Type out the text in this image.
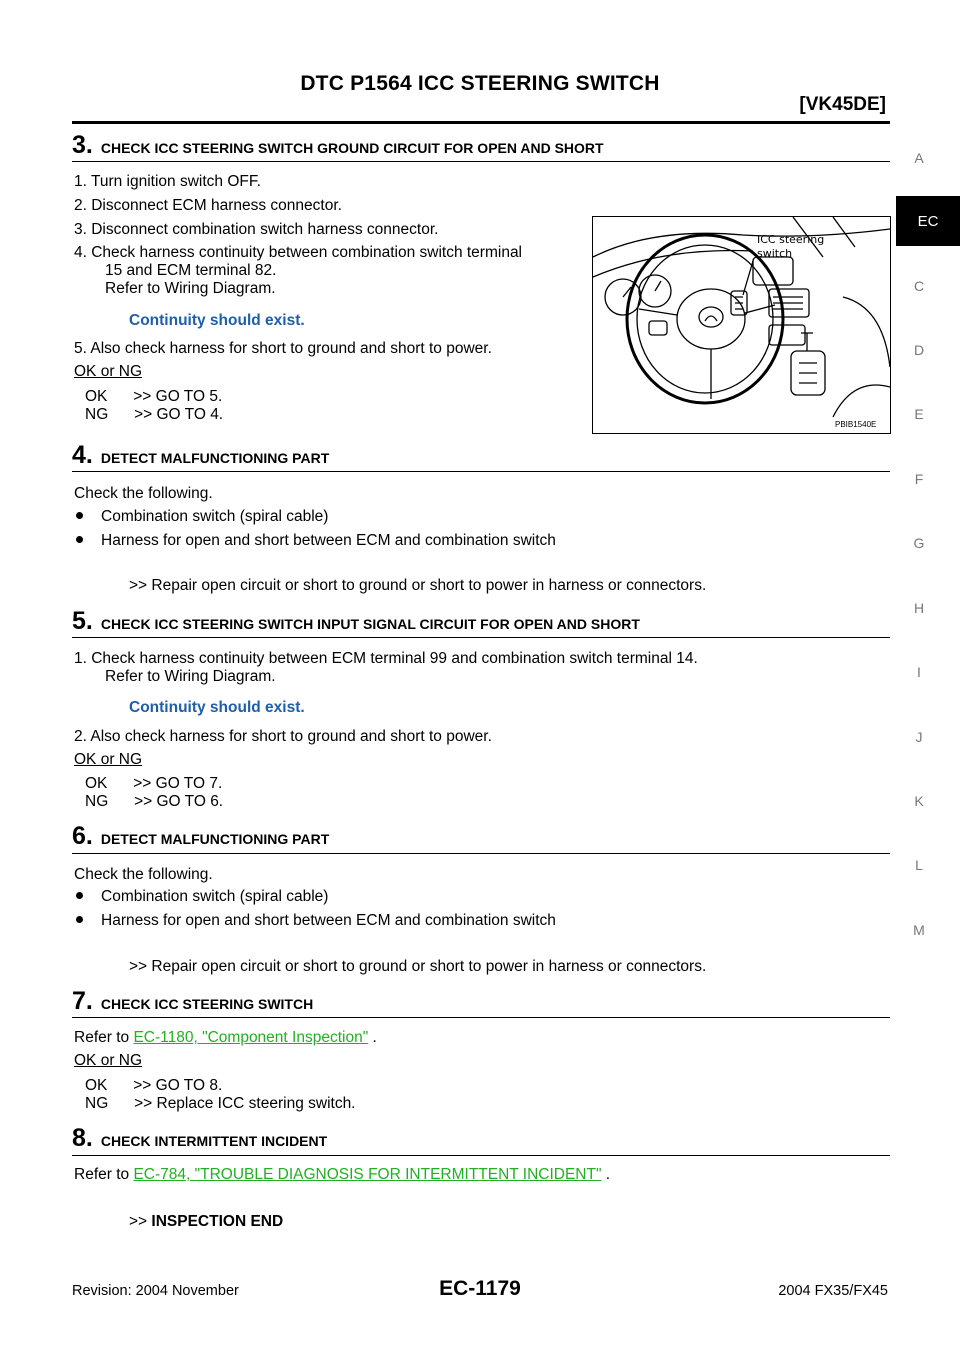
DTC P1564 ICC STEERING SWITCH
[VK45DE]
A
EC
C
D
E
F
G
H
I
J
K
L
M
3. CHECK ICC STEERING SWITCH GROUND CIRCUIT FOR OPEN AND SHORT
1. Turn ignition switch OFF.
2. Disconnect ECM harness connector.
3. Disconnect combination switch harness connector.
4. Check harness continuity between combination switch terminal
15 and ECM terminal 82.
Refer to Wiring Diagram.
Continuity should exist.
5. Also check harness for short to ground and short to power.
OK or NG
OK      >> GO TO 5.
NG      >> GO TO 4.
ICC steering
switch
PBIB1540E
4. DETECT MALFUNCTIONING PART
Check the following.
Combination switch (spiral cable)
Harness for open and short between ECM and combination switch
>> Repair open circuit or short to ground or short to power in harness or connectors.
5. CHECK ICC STEERING SWITCH INPUT SIGNAL CIRCUIT FOR OPEN AND SHORT
1. Check harness continuity between ECM terminal 99 and combination switch terminal 14.
Refer to Wiring Diagram.
Continuity should exist.
2. Also check harness for short to ground and short to power.
OK or NG
OK      >> GO TO 7.
NG      >> GO TO 6.
6. DETECT MALFUNCTIONING PART
Check the following.
Combination switch (spiral cable)
Harness for open and short between ECM and combination switch
>> Repair open circuit or short to ground or short to power in harness or connectors.
7. CHECK ICC STEERING SWITCH
Refer to EC-1180, "Component Inspection" .
OK or NG
OK      >> GO TO 8.
NG      >> Replace ICC steering switch.
8. CHECK INTERMITTENT INCIDENT
Refer to EC-784, "TROUBLE DIAGNOSIS FOR INTERMITTENT INCIDENT" .
>> INSPECTION END
Revision: 2004 November	EC-1179	2004 FX35/FX45
